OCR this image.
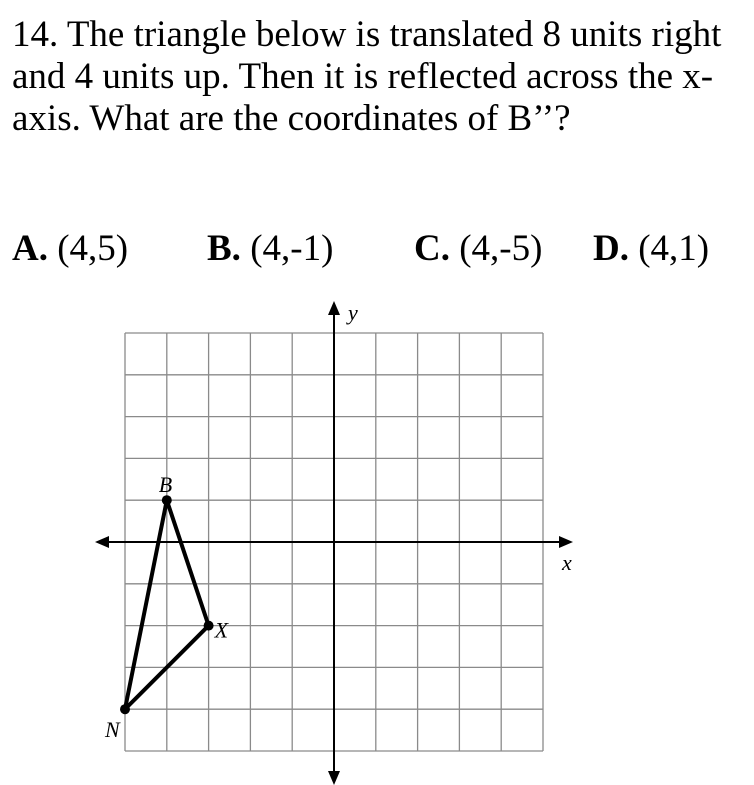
14. The triangle below is translated 8 units right and 4 units up. Then it is reflected across the x-axis. What are the coordinates of B’’?

A. (4,5) B. (4,-1) C. (4,-5) D. (4,1)
y
x
B
X
N
